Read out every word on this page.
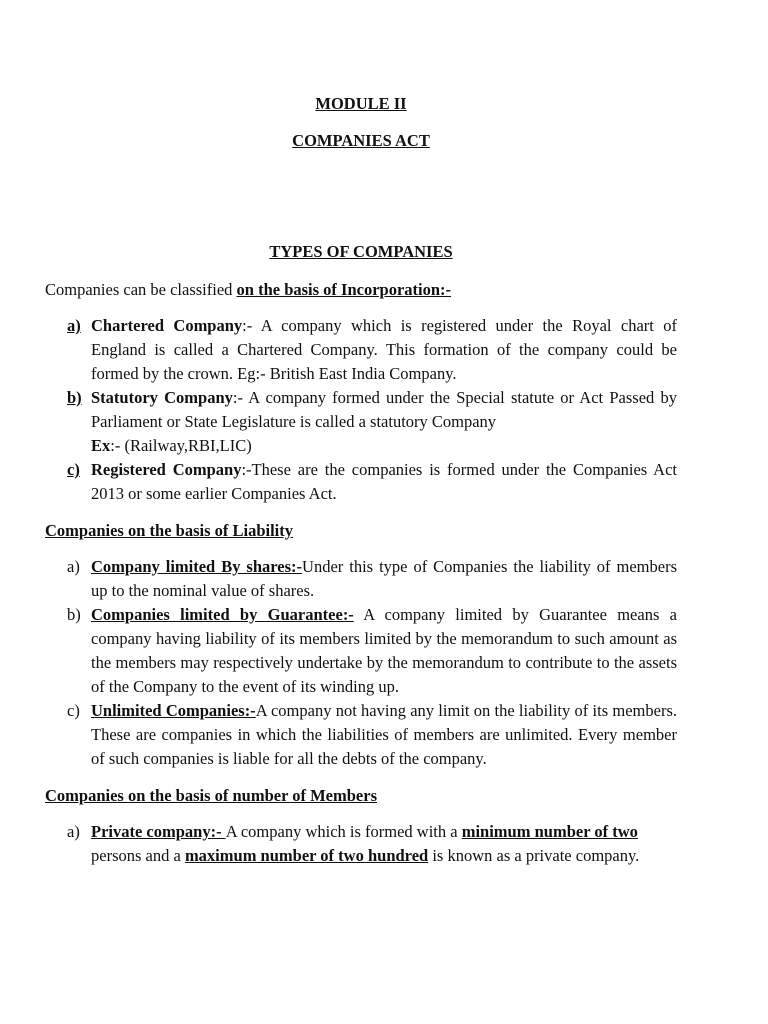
MODULE II
COMPANIES ACT
TYPES OF COMPANIES
Companies can be classified on the basis of Incorporation:-
a) Chartered Company:- A company which is registered under the Royal chart of England is called a Chartered Company. This formation of the company could be formed by the crown. Eg:- British East India Company.
b) Statutory Company:- A company formed under the Special statute or Act Passed by Parliament or State Legislature is called a statutory Company
Ex:- (Railway,RBI,LIC)
c) Registered Company:-These are the companies is formed under the Companies Act 2013 or some earlier Companies Act.
Companies on the basis of Liability
a) Company limited By shares:-Under this type of Companies the liability of members up to the nominal value of shares.
b) Companies limited by Guarantee:- A company limited by Guarantee means a company having liability of its members limited by the memorandum to such amount as the members may respectively undertake by the memorandum to contribute to the assets of the Company to the event of its winding up.
c) Unlimited Companies:-A company not having any limit on the liability of its members. These are companies in which the liabilities of members are unlimited. Every member of such companies is liable for all the debts of the company.
Companies on the basis of number of Members
a) Private company:- A company which is formed with a minimum number of two persons and a maximum number of two hundred is known as a private company.
